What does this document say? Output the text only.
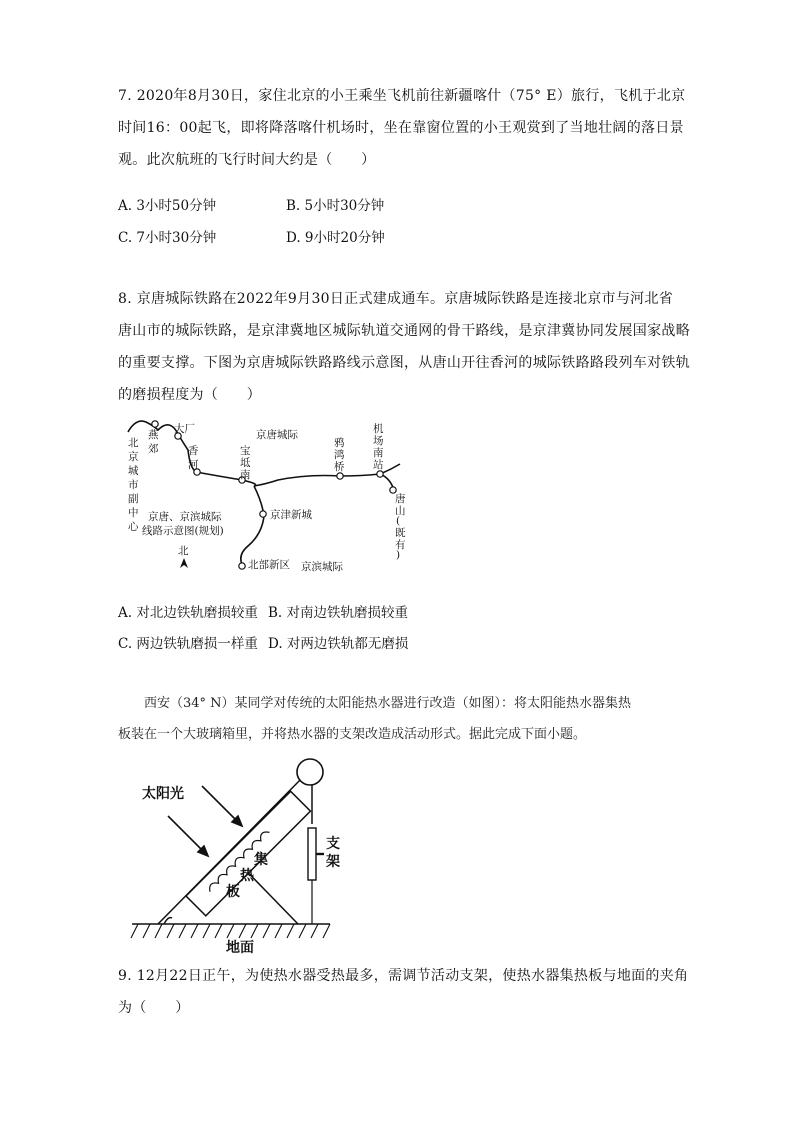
7. 2020年8月30日，家住北京的小王乘坐飞机前往新疆喀什（75° E）旅行，飞机于北京
时间16：00起飞，即将降落喀什机场时，坐在靠窗位置的小王观赏到了当地壮阔的落日景
观。此次航班的飞行时间大约是（　　）
A. 3小时50分钟	B. 5小时30分钟
C. 7小时30分钟	D. 9小时20分钟
8. 京唐城际铁路在2022年9月30日正式建成通车。京唐城际铁路是连接北京市与河北省
唐山市的城际铁路，是京津冀地区城际轨道交通网的骨干路线，是京津冀协同发展国家战略
的重要支撑。下图为京唐城际铁路路线示意图，从唐山开往香河的城际铁路路段列车对铁轨
的磨损程度为（　　）
北
京
城
市
副
中
心
燕
郊
大厂
香
河
宝
坻
南
京唐城际
鸦
鸿
桥
机
场
南
站
唐
山
(
既
有
)
京唐、京滨城际
线路示意图(规划)
京津新城
北
北部新区 京滨城际
A. 对北边铁轨磨损较重 B. 对南边铁轨磨损较重
C. 两边铁轨磨损一样重 D. 对两边铁轨都无磨损
　　西安（34° N）某同学对传统的太阳能热水器进行改造（如图）：将太阳能热水器集热
板装在一个大玻璃箱里，并将热水器的支架改造成活动形式。据此完成下面小题。
太阳光
集
热
板
支
架
地面
9. 12月22日正午，为使热水器受热最多，需调节活动支架，使热水器集热板与地面的夹角
为（　　）
